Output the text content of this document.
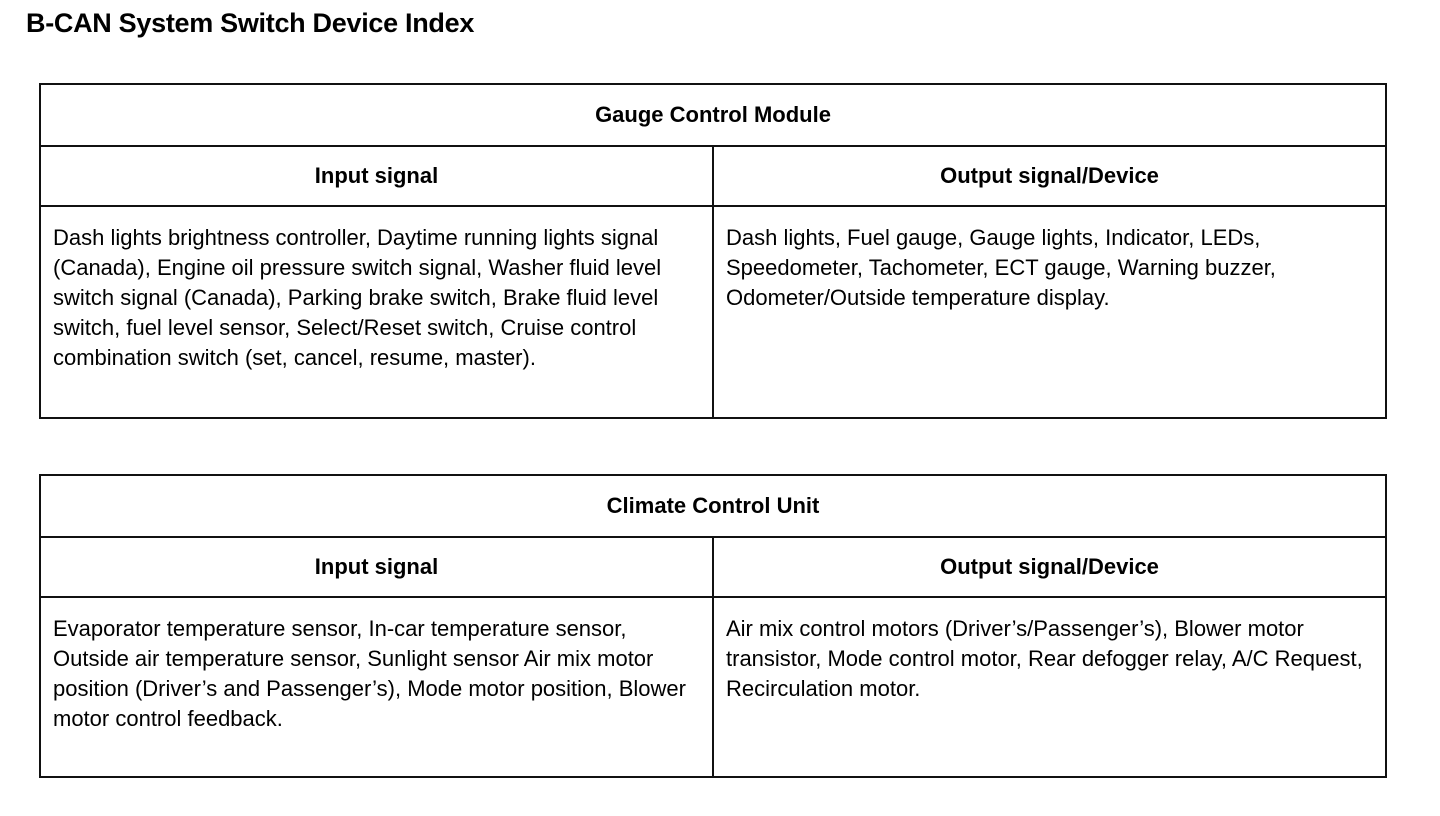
B-CAN System Switch Device Index
Gauge Control Module	
Input signal	Output signal/Device
Dash lights brightness controller, Daytime running lights signal (Canada), Engine oil pressure switch signal, Washer fluid level switch signal (Canada), Parking brake switch, Brake fluid level switch, fuel level sensor, Select/Reset switch, Cruise control combination switch (set, cancel, resume, master).	Dash lights, Fuel gauge, Gauge lights, Indicator, LEDs, Speedometer, Tachometer, ECT gauge, Warning buzzer, Odometer/Outside temperature display.
Climate Control Unit	
Input signal	Output signal/Device
Evaporator temperature sensor, In-car temperature sensor, Outside air temperature sensor, Sunlight sensor Air mix motor position (Driver’s and Passenger’s), Mode motor position, Blower motor control feedback.	Air mix control motors (Driver’s/Passenger’s), Blower motor transistor, Mode control motor, Rear defogger relay, A/C Request, Recirculation motor.
